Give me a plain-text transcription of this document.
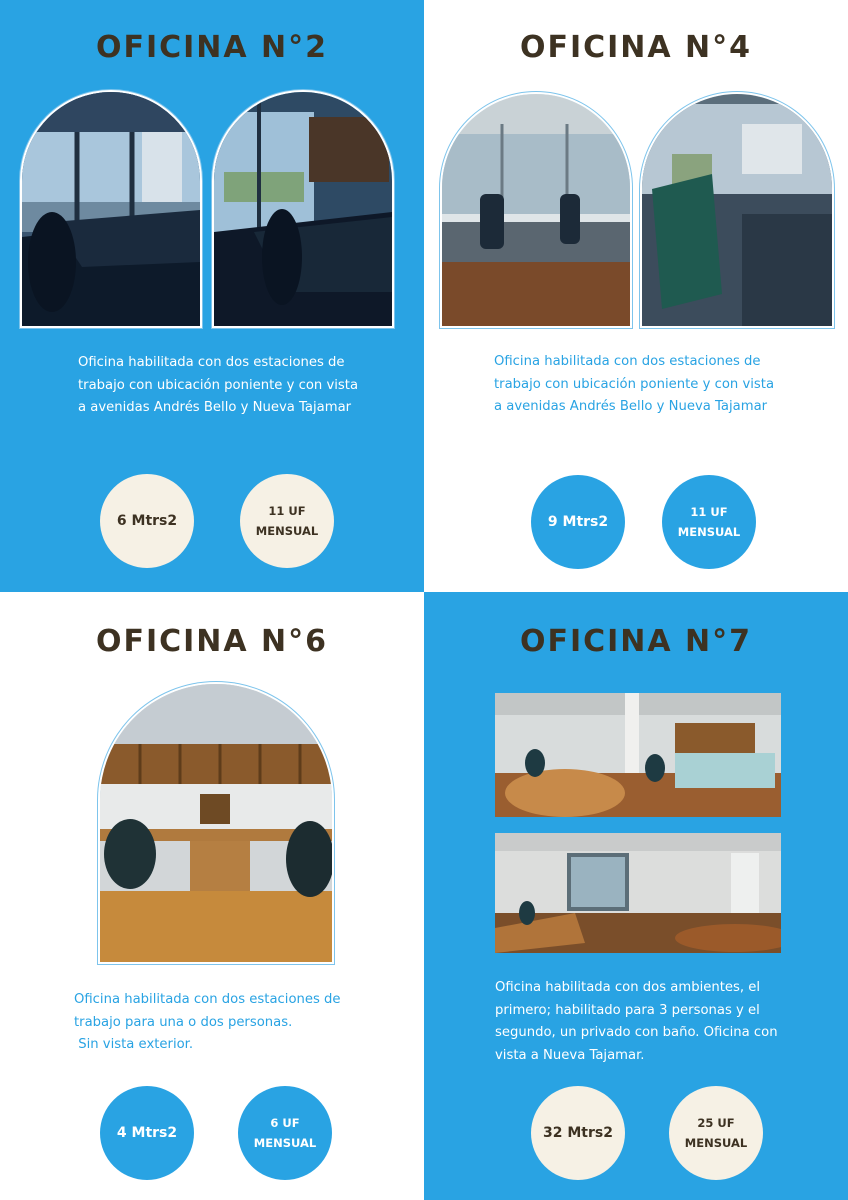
OFICINA N°2
Oficina habilitada con dos estaciones de
trabajo con ubicación poniente y con vista
a avenidas Andrés Bello y Nueva Tajamar
6 Mtrs2
11 UF
MENSUAL
OFICINA N°4
Oficina habilitada con dos estaciones de
trabajo con ubicación poniente y con vista
a avenidas Andrés Bello y Nueva Tajamar
9 Mtrs2
11 UF
MENSUAL
OFICINA N°6
Oficina habilitada con dos estaciones de
trabajo para una o dos personas.
Sin vista exterior.
4 Mtrs2
6 UF
MENSUAL
OFICINA N°7
Oficina habilitada con dos ambientes, el
primero; habilitado para 3 personas y el
segundo, un privado con baño. Oficina con
vista a Nueva Tajamar.
32 Mtrs2
25 UF
MENSUAL
